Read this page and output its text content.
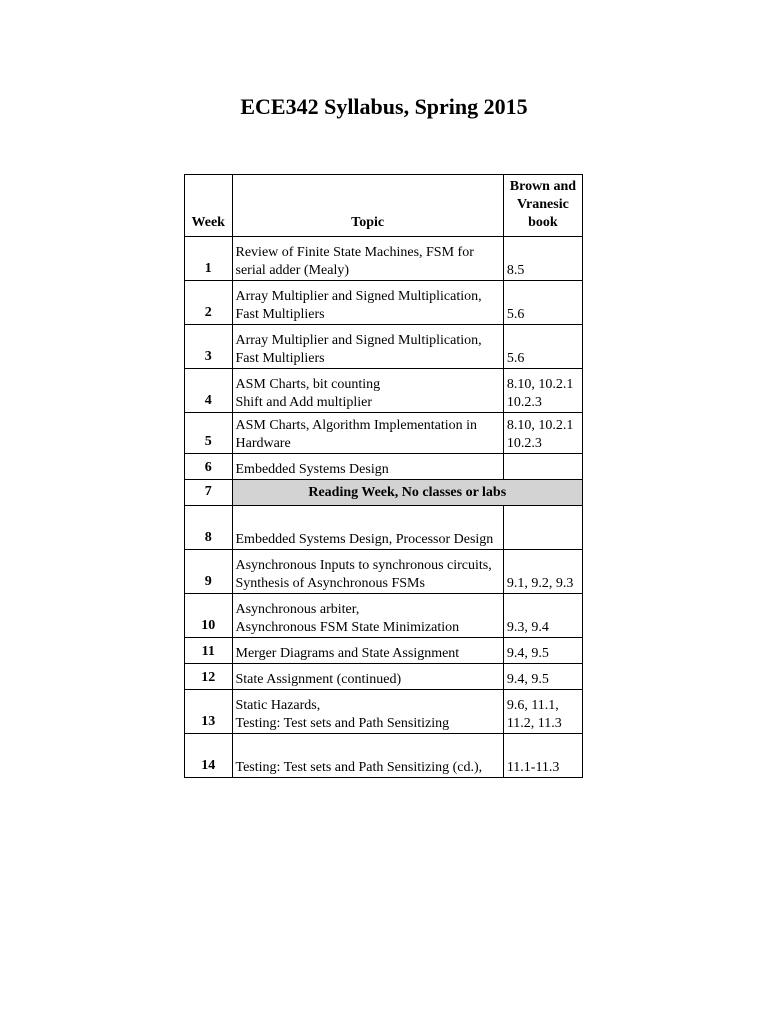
ECE342 Syllabus, Spring 2015
Week	Topic	Brown and Vranesic book
1	Review of Finite State Machines, FSM for serial adder (Mealy)	8.5
2	Array Multiplier and Signed Multiplication, Fast Multipliers	5.6
3	Array Multiplier and Signed Multiplication, Fast Multipliers	5.6
4	ASM Charts, bit counting
Shift and Add multiplier	8.10, 10.2.1
10.2.3
5	ASM Charts, Algorithm Implementation in Hardware	8.10, 10.2.1
10.2.3
6	Embedded Systems Design	
7	Reading Week, No classes or labs	
8	Embedded Systems Design, Processor Design	
9	Asynchronous Inputs to synchronous circuits, Synthesis of Asynchronous FSMs	9.1, 9.2, 9.3
10	Asynchronous arbiter,
Asynchronous FSM State Minimization	9.3, 9.4
11	Merger Diagrams and State Assignment	9.4, 9.5
12	State Assignment (continued)	9.4, 9.5
13	Static Hazards,
Testing: Test sets and Path Sensitizing	9.6, 11.1,
11.2, 11.3
14	Testing: Test sets and Path Sensitizing (cd.),	11.1-11.3
